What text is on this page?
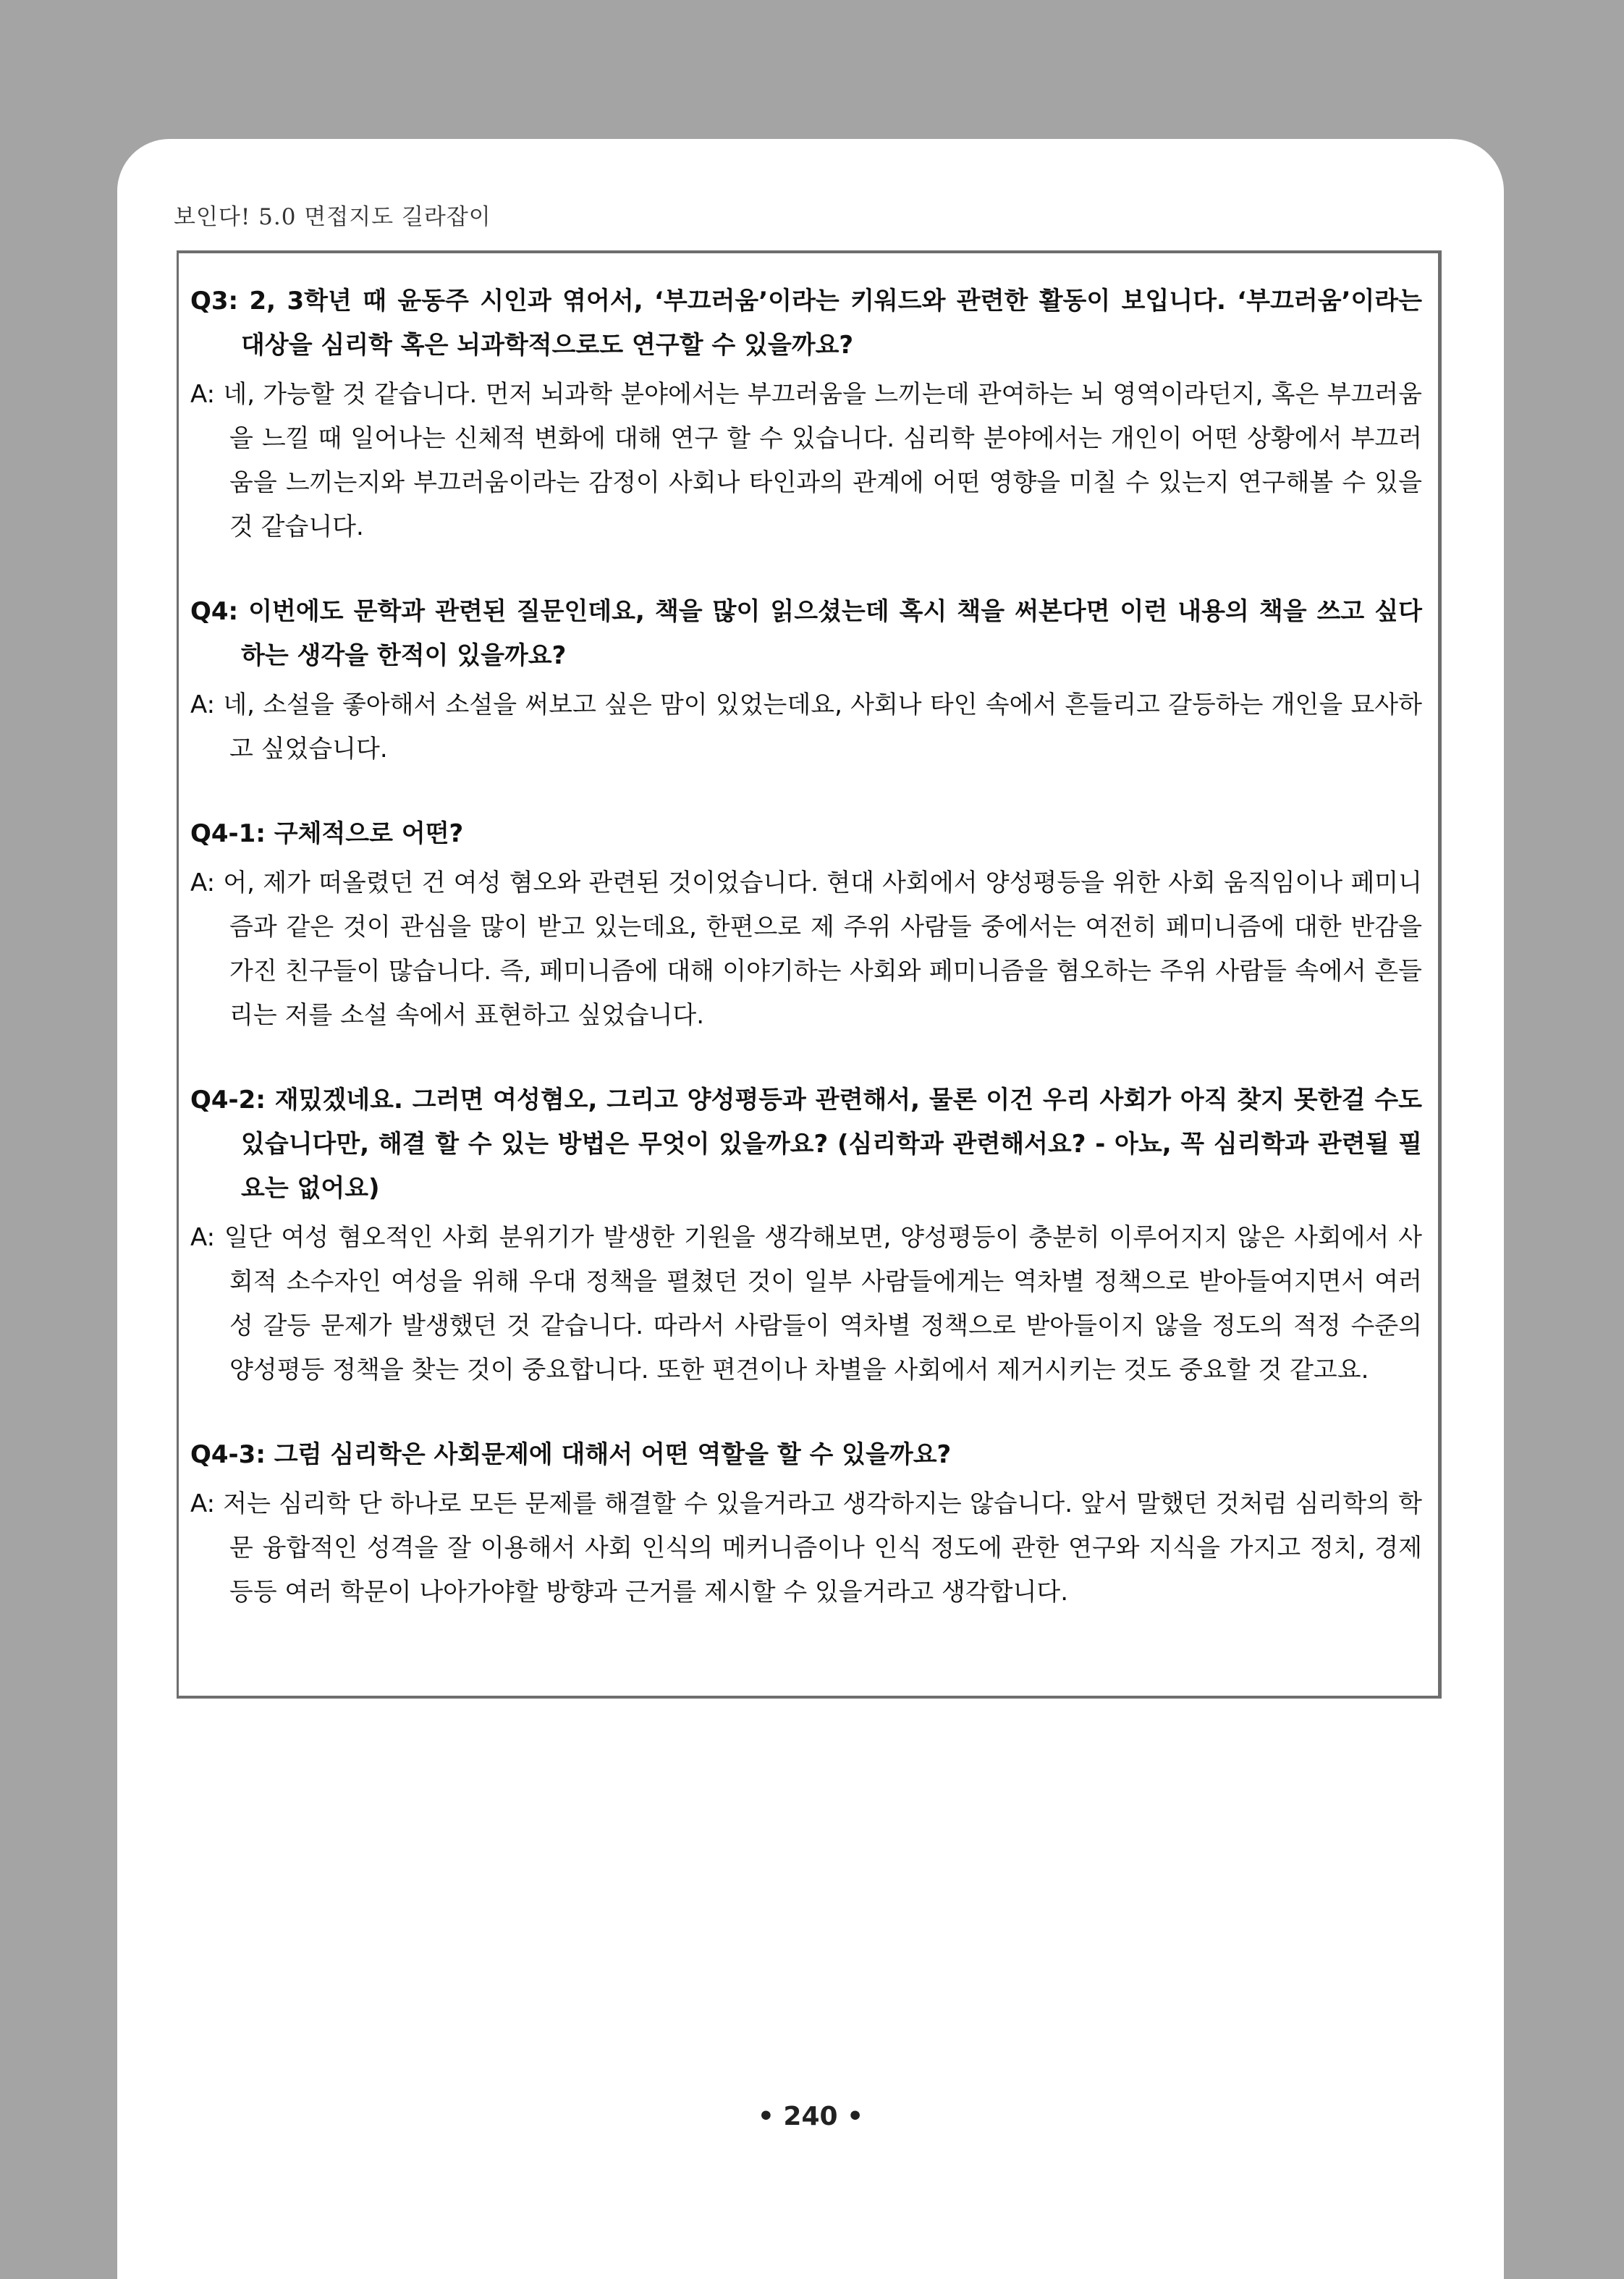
보인다! 5.0 면접지도 길라잡이

Q3: 2, 3학년 때 윤동주 시인과 엮어서, ‘부끄러움’이라는 키워드와 관련한 활동이 보입니다. ‘부끄러움’이라는 대상을 심리학 혹은 뇌과학적으로도 연구할 수 있을까요?

A: 네, 가능할 것 같습니다. 먼저 뇌과학 분야에서는 부끄러움을 느끼는데 관여하는 뇌 영역이라던지, 혹은 부끄러움을 느낄 때 일어나는 신체적 변화에 대해 연구 할 수 있습니다. 심리학 분야에서는 개인이 어떤 상황에서 부끄러움을 느끼는지와 부끄러움이라는 감정이 사회나 타인과의 관계에 어떤 영향을 미칠 수 있는지 연구해볼 수 있을 것 같습니다.

Q4: 이번에도 문학과 관련된 질문인데요, 책을 많이 읽으셨는데 혹시 책을 써본다면 이런 내용의 책을 쓰고 싶다 하는 생각을 한적이 있을까요?

A: 네, 소설을 좋아해서 소설을 써보고 싶은 맘이 있었는데요, 사회나 타인 속에서 흔들리고 갈등하는 개인을 묘사하고 싶었습니다.

Q4-1: 구체적으로 어떤?

A: 어, 제가 떠올렸던 건 여성 혐오와 관련된 것이었습니다. 현대 사회에서 양성평등을 위한 사회 움직임이나 페미니즘과 같은 것이 관심을 많이 받고 있는데요, 한편으로 제 주위 사람들 중에서는 여전히 페미니즘에 대한 반감을 가진 친구들이 많습니다. 즉, 페미니즘에 대해 이야기하는 사회와 페미니즘을 혐오하는 주위 사람들 속에서 흔들리는 저를 소설 속에서 표현하고 싶었습니다.

Q4-2: 재밌겠네요. 그러면 여성혐오, 그리고 양성평등과 관련해서, 물론 이건 우리 사회가 아직 찾지 못한걸 수도 있습니다만, 해결 할 수 있는 방법은 무엇이 있을까요? (심리학과 관련해서요? - 아뇨, 꼭 심리학과 관련될 필요는 없어요)

A: 일단 여성 혐오적인 사회 분위기가 발생한 기원을 생각해보면, 양성평등이 충분히 이루어지지 않은 사회에서 사회적 소수자인 여성을 위해 우대 정책을 펼쳤던 것이 일부 사람들에게는 역차별 정책으로 받아들여지면서 여러 성 갈등 문제가 발생했던 것 같습니다. 따라서 사람들이 역차별 정책으로 받아들이지 않을 정도의 적정 수준의 양성평등 정책을 찾는 것이 중요합니다. 또한 편견이나 차별을 사회에서 제거시키는 것도 중요할 것 같고요.

Q4-3: 그럼 심리학은 사회문제에 대해서 어떤 역할을 할 수 있을까요?

A: 저는 심리학 단 하나로 모든 문제를 해결할 수 있을거라고 생각하지는 않습니다. 앞서 말했던 것처럼 심리학의 학문 융합적인 성격을 잘 이용해서 사회 인식의 메커니즘이나 인식 정도에 관한 연구와 지식을 가지고 정치, 경제 등등 여러 학문이 나아가야할 방향과 근거를 제시할 수 있을거라고 생각합니다.

• 240 •
